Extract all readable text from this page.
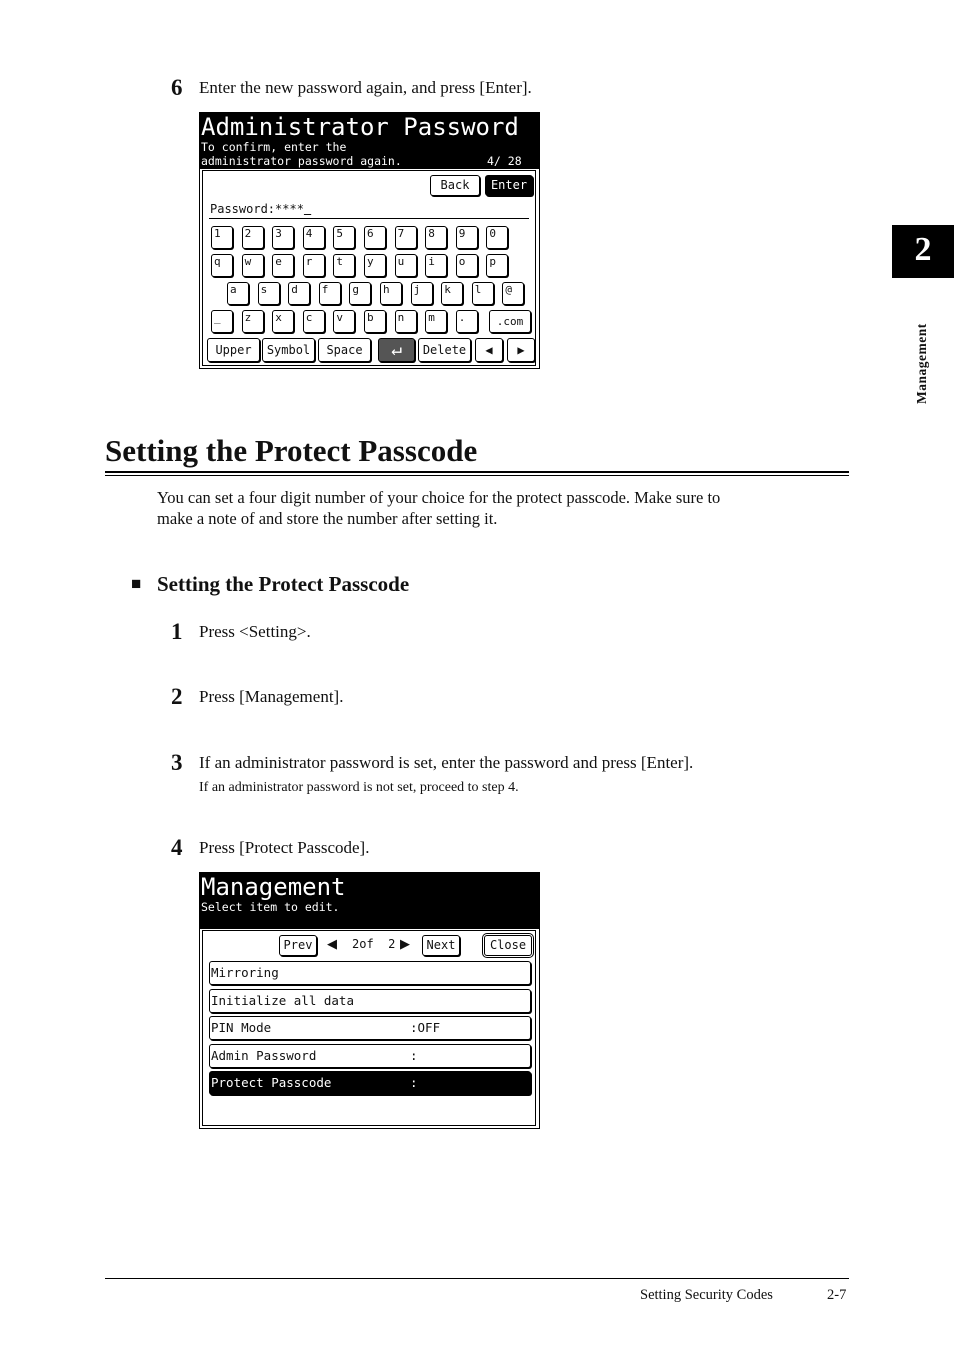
6 Enter the new password again, and press [Enter].
Administrator Password
To confirm, enter the
administrator password again.	4/ 28
Back	Enter
Password:****
1	2	3	4	5	6	7	8	9	0
q	w	e	r	t	y	u	i	o	p
a	s	d	f	g	h	j	k	l	@
_	z	x	c	v	b	n	m	.	.com
Upper	Symbol	Space	↵	Delete	◀	▶
Setting the Protect Passcode
You can set a four digit number of your choice for the protect passcode. Make sure to
make a note of and store the number after setting it.
■ Setting the Protect Passcode
1 Press <Setting>.
2 Press [Management].
3 If an administrator password is set, enter the password and press [Enter].
If an administrator password is not set, proceed to step 4.
4 Press [Protect Passcode].
Management
Select item to edit.
Prev	◀ 2of  2 ▶	Next	Close
Mirroring
Initialize all data
PIN Mode	:OFF
Admin Password	:
Protect Passcode	:
2
Management
Setting Security Codes	2-7
